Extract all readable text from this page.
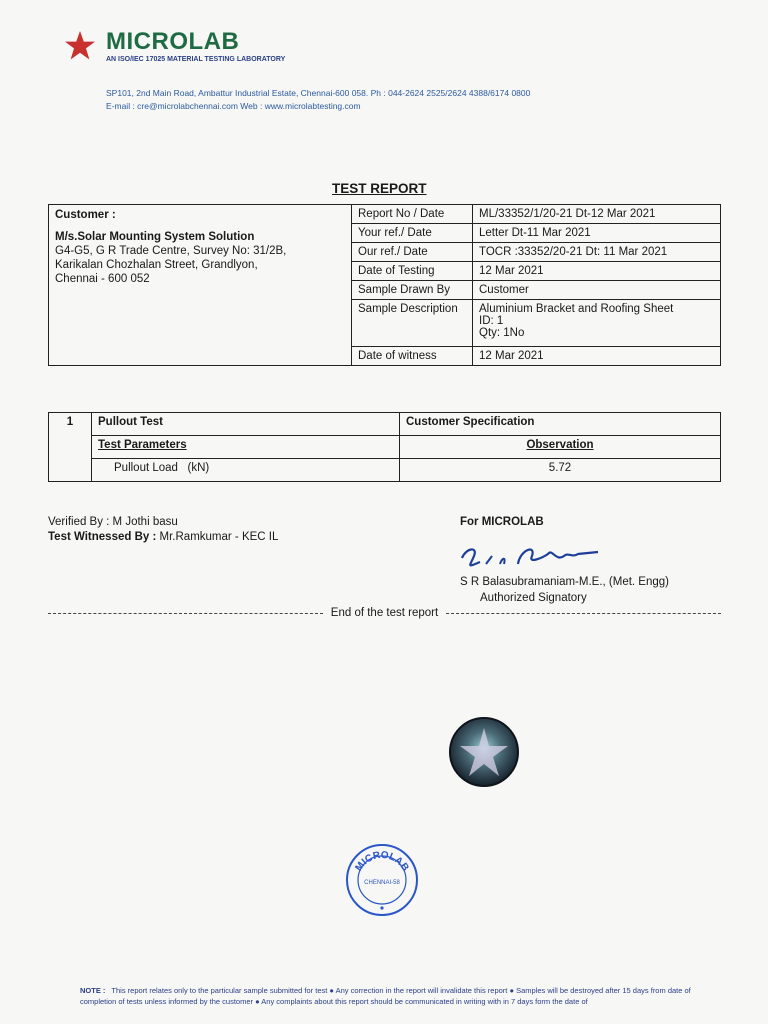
MICROLAB
AN ISO/IEC 17025 MATERIAL TESTING LABORATORY
SP101, 2nd Main Road, Ambattur Industrial Estate, Chennai-600 058. Ph : 044-2624 2525/2624 4388/6174 0800
E-mail : cre@microlabchennai.com Web : www.microlabtesting.com
TEST REPORT
Customer :
M/s.Solar Mounting System Solution
G4-G5, G R Trade Centre, Survey No: 31/2B,
Karikalan Chozhalan Street, Grandlyon,
Chennai - 600 052	Report No / Date	ML/33352/1/20-21 Dt-12 Mar 2021
	Your ref./ Date	Letter Dt-11 Mar 2021
	Our ref./ Date	TOCR :33352/20-21 Dt: 11 Mar 2021
	Date of Testing	12 Mar 2021
	Sample Drawn By	Customer
	Sample Description	Aluminium Bracket and Roofing Sheet
ID: 1
Qty: 1No

	Date of witness	12 Mar 2021
1	Pullout Test	Customer Specification
	Test Parameters	Observation
	Pullout Load   (kN)	5.72
Verified By : M Jothi basu
Test Witnessed By : Mr.Ramkumar - KEC IL
For MICROLAB
S R Balasubramaniam-M.E., (Met. Engg)
Authorized Signatory
End of the test report
MICROLAB
CHENNAI-58
NOTE : This report relates only to the particular sample submitted for test ● Any correction in the report will invalidate this report ● Samples will be destroyed after 15 days from date of completion of tests unless informed by the customer ● Any complaints about this report should be communicated in writing with in 7 days form the date of
